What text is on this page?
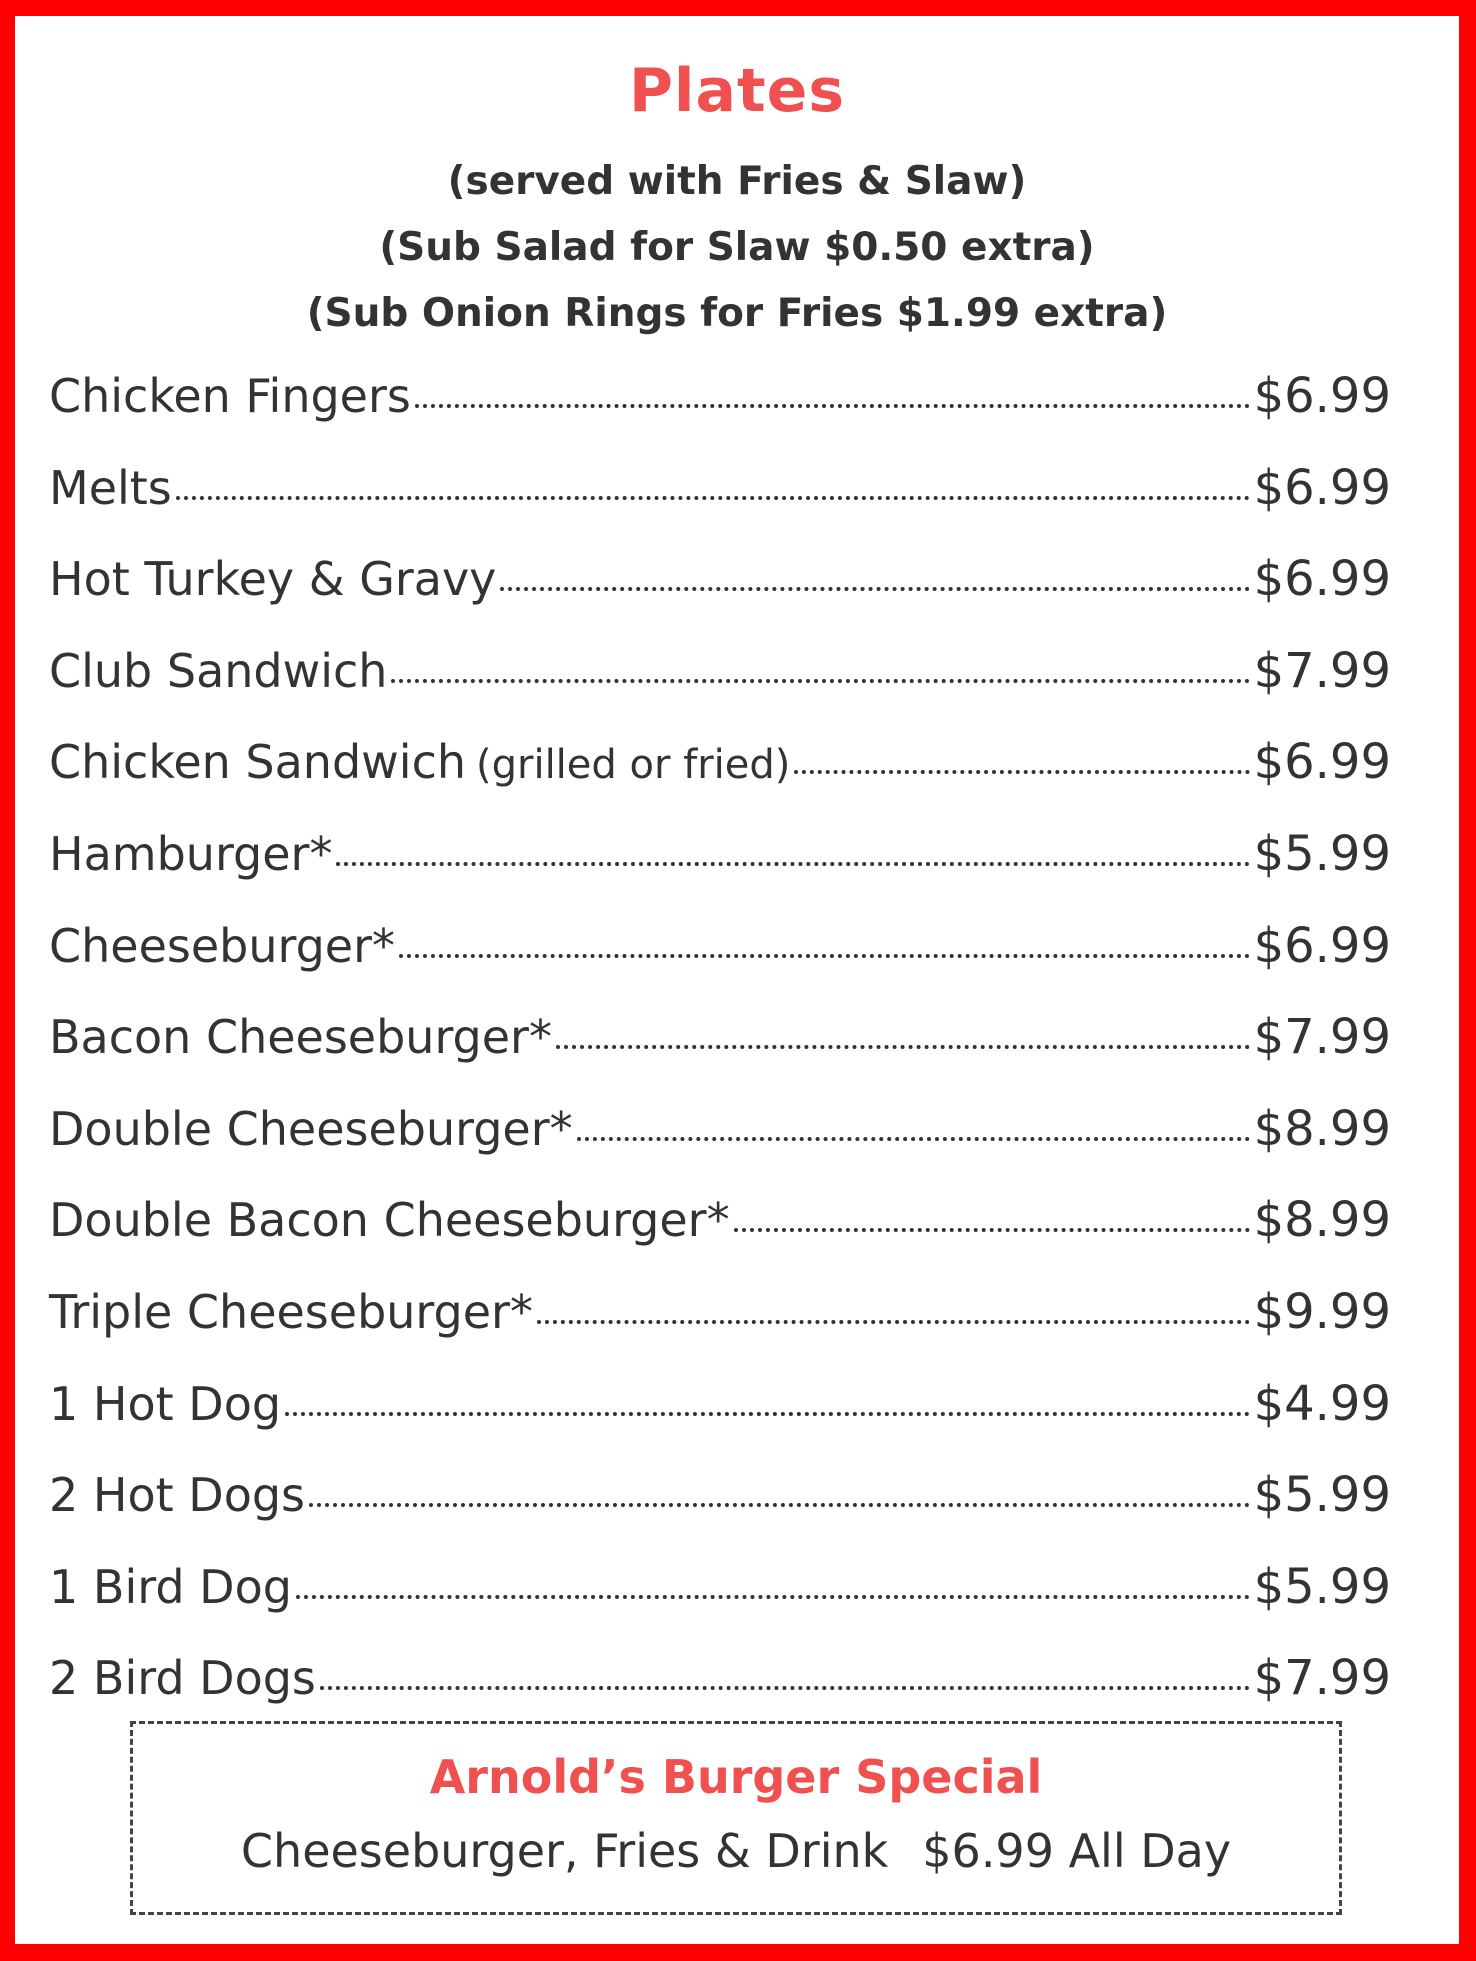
Plates
(served with Fries & Slaw)
(Sub Salad for Slaw $0.50 extra)
(Sub Onion Rings for Fries $1.99 extra)
Chicken Fingers	$6.99
Melts	$6.99
Hot Turkey & Gravy	$6.99
Club Sandwich	$7.99
Chicken Sandwich (grilled or fried)	$6.99
Hamburger*	$5.99
Cheeseburger*	$6.99
Bacon Cheeseburger*	$7.99
Double Cheeseburger*	$8.99
Double Bacon Cheeseburger*	$8.99
Triple Cheeseburger*	$9.99
1 Hot Dog	$4.99
2 Hot Dogs	$5.99
1 Bird Dog	$5.99
2 Bird Dogs	$7.99
Arnold’s Burger Special
Cheeseburger, Fries & Drink $6.99 All Day
